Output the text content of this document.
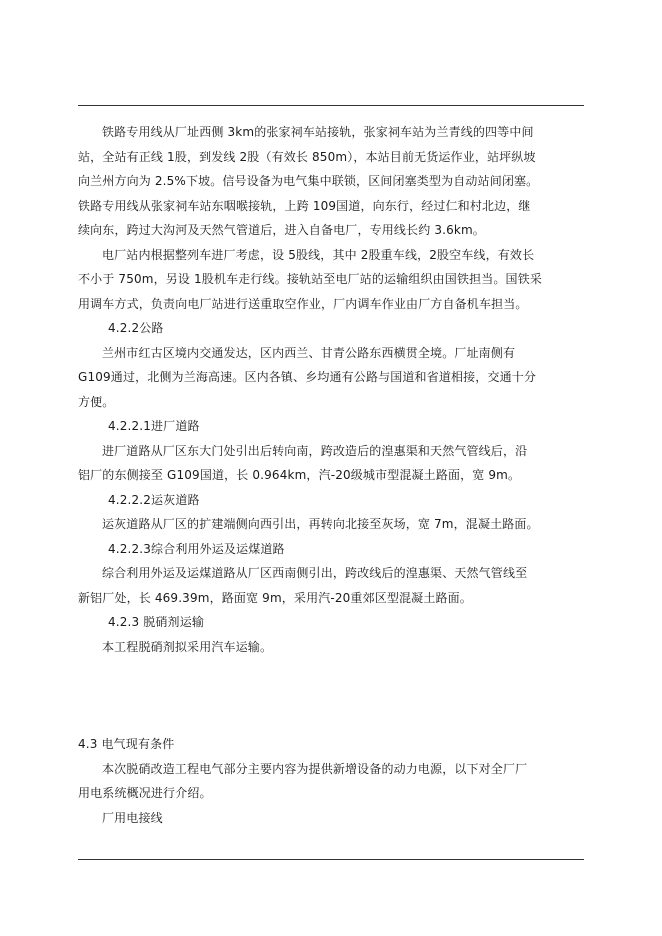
铁路专用线从厂址西侧 3km的张家祠车站接轨，张家祠车站为兰青线的四等中间

站，全站有正线 1股，到发线 2股（有效长 850m），本站目前无货运作业，站坪纵坡

向兰州方向为 2.5%下坡。信号设备为电气集中联锁，区间闭塞类型为自动站间闭塞。

铁路专用线从张家祠车站东咽喉接轨，上跨 109国道，向东行，经过仁和村北边，继

续向东，跨过大沟河及天然气管道后，进入自备电厂，专用线长约 3.6km。

电厂站内根据整列车进厂考虑，设 5股线，其中 2股重车线，2股空车线，有效长

不小于 750m，另设 1股机车走行线。接轨站至电厂站的运输组织由国铁担当。国铁采

用调车方式，负责向电厂站进行送重取空作业，厂内调车作业由厂方自备机车担当。

4.2.2公路

兰州市红古区境内交通发达，区内西兰、甘青公路东西横贯全境。厂址南侧有

G109通过，北侧为兰海高速。区内各镇、乡均通有公路与国道和省道相接，交通十分

方便。

4.2.2.1进厂道路

进厂道路从厂区东大门处引出后转向南，跨改造后的湟惠渠和天然气管线后，沿

铝厂的东侧接至 G109国道，长 0.964km，汽-20级城市型混凝土路面，宽 9m。

4.2.2.2运灰道路

运灰道路从厂区的扩建端侧向西引出，再转向北接至灰场，宽 7m，混凝土路面。

4.2.2.3综合利用外运及运煤道路

综合利用外运及运煤道路从厂区西南侧引出，跨改线后的湟惠渠、天然气管线至

新铝厂处，长 469.39m，路面宽 9m，采用汽-20重郊区型混凝土路面。

4.2.3 脱硝剂运输

本工程脱硝剂拟采用汽车运输。

4.3 电气现有条件

本次脱硝改造工程电气部分主要内容为提供新增设备的动力电源，以下对全厂厂

用电系统概况进行介绍。

厂用电接线
